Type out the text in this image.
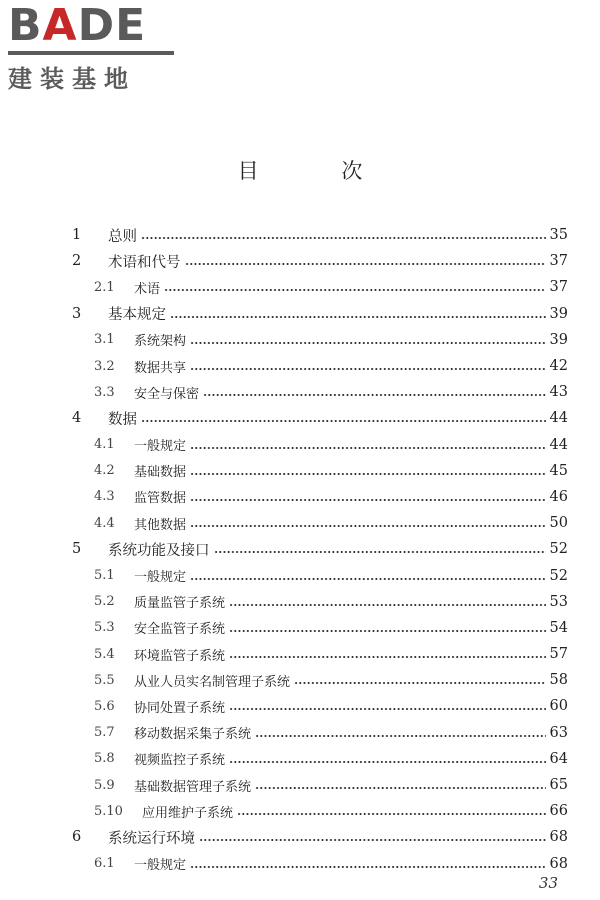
BADE
建装基地
目 次
1	总则	35
2	术语和代号	37
2.1	术语	37
3	基本规定	39
3.1	系统架构	39
3.2	数据共享	42
3.3	安全与保密	43
4	数据	44
4.1	一般规定	44
4.2	基础数据	45
4.3	监管数据	46
4.4	其他数据	50
5	系统功能及接口	52
5.1	一般规定	52
5.2	质量监管子系统	53
5.3	安全监管子系统	54
5.4	环境监管子系统	57
5.5	从业人员实名制管理子系统	58
5.6	协同处置子系统	60
5.7	移动数据采集子系统	63
5.8	视频监控子系统	64
5.9	基础数据管理子系统	65
5.10	应用维护子系统	66
6	系统运行环境	68
6.1	一般规定	68
33
